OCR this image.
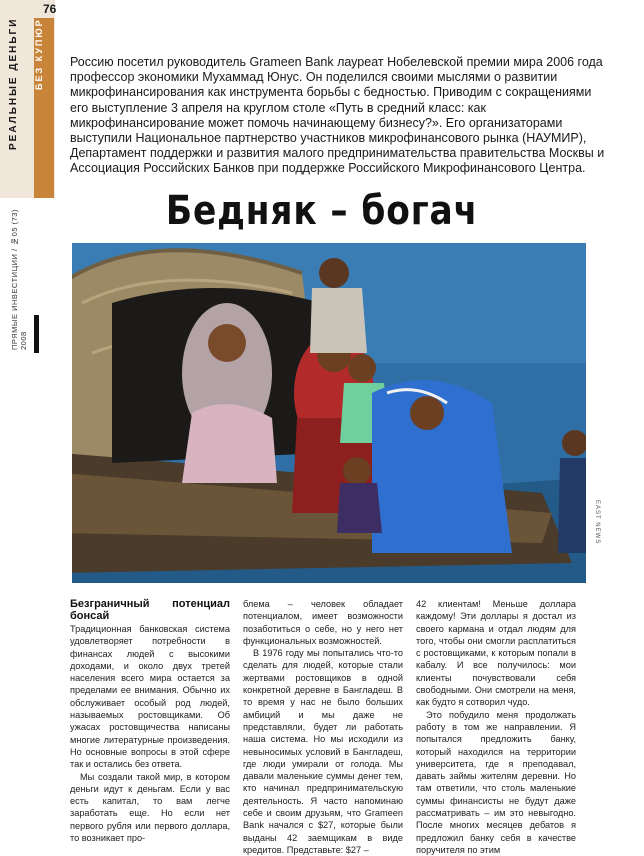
76
РЕАЛЬНЫЕ ДЕНЬГИ	БЕЗ КУПЮР
ПРЯМЫЕ ИНВЕСТИЦИИ / №05 (73) 2008
Россию посетил руководитель Grameen Bank лауреат Нобелевской премии мира 2006 года профессор экономики Мухаммад Юнус. Он поделился своими мыслями о развитии микрофинансирования как инструмента борьбы с бедностью. Приводим с сокращениями его выступление 3 апреля на круглом столе «Путь в средний класс: как микрофинансирование может помочь начинающему бизнесу?». Его организаторами выступили Национальное партнерство участников микрофинансового рынка (НАУМИР), Департамент поддержки и развития малого предпринимательства правительства Москвы и Ассоциация Российских Банков при поддержке Российского Микрофинансового Центра.
Бедняк – богач
EAST NEWS
Безграничный потенциал бонсай

Традиционная банковская система удовлетворяет потребности в финансах людей с высокими доходами, и около двух третей населения всего мира остается за пределами ее внимания. Обычно их обслуживает особый род людей, называемых ростовщиками. Об ужасах ростовщичества написаны многие литературные произведения. Но основные вопросы в этой сфере так и остались без ответа.

Мы создали такой мир, в котором деньги идут к деньгам. Если у вас есть капитал, то вам легче заработать еще. Но если нет первого рубля или первого доллара, то возникает про-

блема – человек обладает потенциалом, имеет возможности позаботиться о себе, но у него нет функциональных возможностей.

В 1976 году мы попытались что-то сделать для людей, которые стали жертвами ростовщиков в одной конкретной деревне в Бангладеш. В то время у нас не было больших амбиций и мы даже не представляли, будет ли работать наша система. Но мы исходили из невыносимых условий в Бангладеш, где люди умирали от голода. Мы давали маленькие суммы денег тем, кто начинал предпринимательскую деятельность. Я часто напоминаю себе и своим друзьям, что Grameen Bank начался с $27, которые были выданы 42 заемщикам в виде кредитов. Представьте: $27 –

42 клиентам! Меньше доллара каждому! Эти доллары я достал из своего кармана и отдал людям для того, чтобы они смогли расплатиться с ростовщиками, к которым попали в кабалу. И все получилось: мои клиенты почувствовали себя свободными. Они смотрели на меня, как будто я сотворил чудо.

Это побудило меня продолжать работу в том же направлении. Я попытался предложить банку, который находился на территории университета, где я преподавал, давать займы жителям деревни. Но там ответили, что столь маленькие суммы финансисты не будут даже рассматривать – им это невыгодно. После многих месяцев дебатов я предложил банку себя в качестве поручителя по этим
